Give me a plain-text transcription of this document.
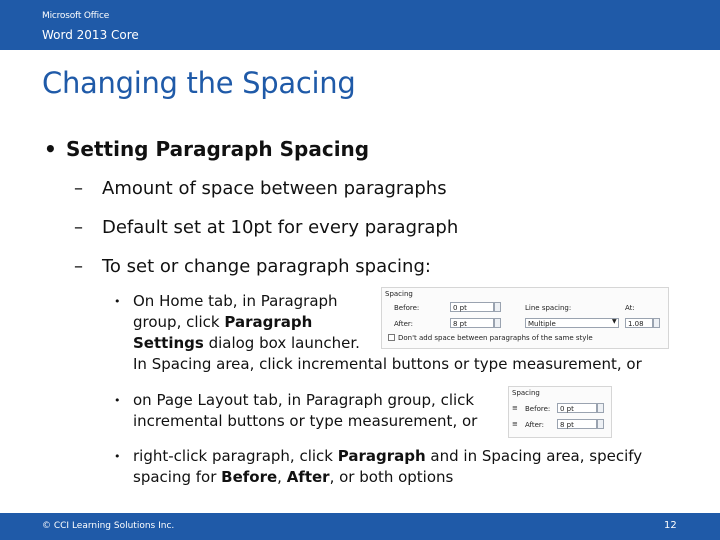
Microsoft Office
Word 2013 Core
Changing the Spacing
• Setting Paragraph Spacing
– Amount of space between paragraphs
– Default set at 10pt for every paragraph
– To set or change paragraph spacing:
• On Home tab, in Paragraph
group, click Paragraph
Settings dialog box launcher.
In Spacing area, click incremental buttons or type measurement, or
Spacing
Before:	0 pt
After:	8 pt
Line spacing:
Multiple	▼
At:
1.08
Don't add space between paragraphs of the same style
• on Page Layout tab, in Paragraph group, click
incremental buttons or type measurement, or
Spacing
≡ Before:	0 pt
≡ After:	8 pt
• right-click paragraph, click Paragraph and in Spacing area, specify
spacing for Before, After, or both options
© CCI Learning Solutions Inc.	12
